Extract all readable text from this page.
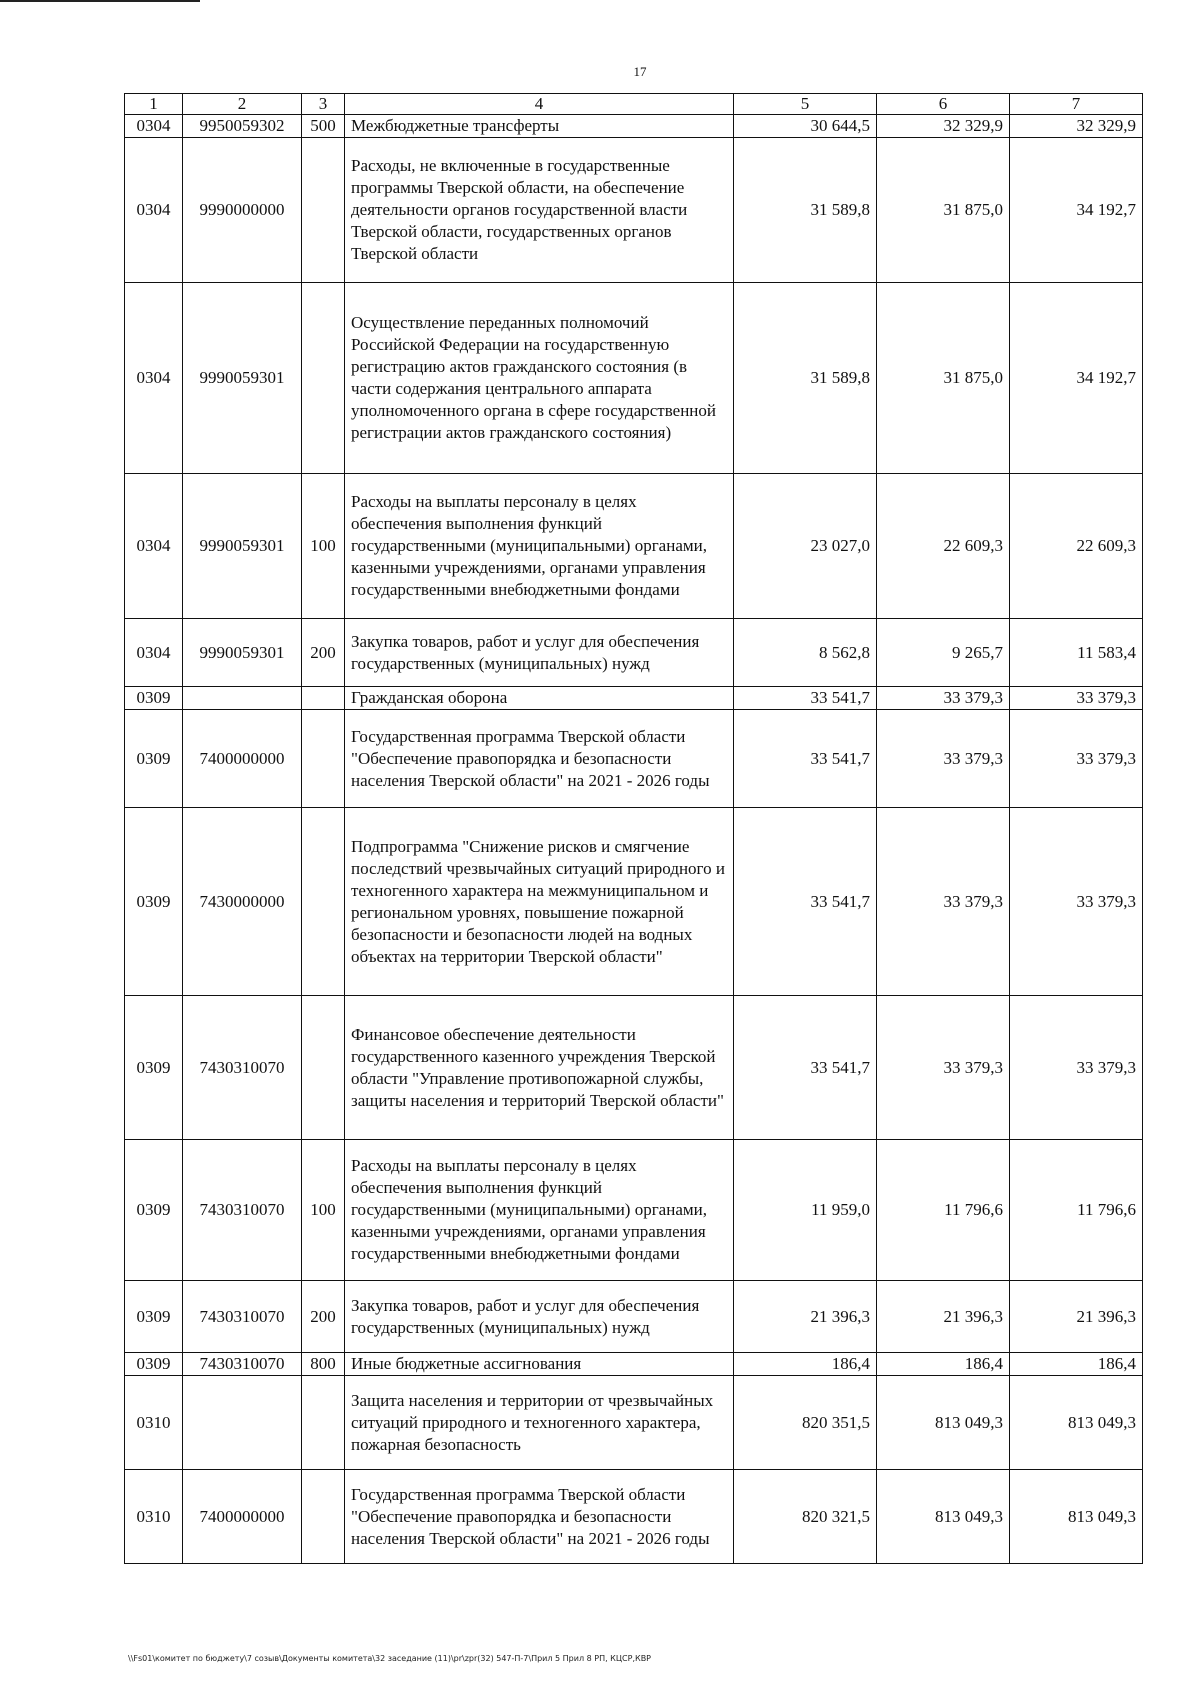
17
1	2	3	4	5	6	7
0304	9950059302	500	Межбюджетные трансферты	30 644,5	32 329,9	32 329,9
0304	9990000000		Расходы, не включенные в государственные программы Тверской области, на обеспечение деятельности органов государственной власти Тверской области, государственных органов Тверской области	31 589,8	31 875,0	34 192,7
0304	9990059301		Осуществление переданных полномочий Российской Федерации на государственную регистрацию актов гражданского состояния (в части содержания центрального аппарата уполномоченного органа в сфере государственной регистрации актов гражданского состояния)	31 589,8	31 875,0	34 192,7
0304	9990059301	100	Расходы на выплаты персоналу в целях обеспечения выполнения функций государственными (муниципальными) органами, казенными учреждениями, органами управления государственными внебюджетными фондами	23 027,0	22 609,3	22 609,3
0304	9990059301	200	Закупка товаров, работ и услуг для обеспечения государственных (муниципальных) нужд	8 562,8	9 265,7	11 583,4
0309			Гражданская оборона	33 541,7	33 379,3	33 379,3
0309	7400000000		Государственная программа Тверской области "Обеспечение правопорядка и безопасности населения Тверской области" на 2021 - 2026 годы	33 541,7	33 379,3	33 379,3
0309	7430000000		Подпрограмма "Снижение рисков и смягчение последствий чрезвычайных ситуаций природного и техногенного характера на межмуниципальном и региональном уровнях, повышение пожарной безопасности и безопасности людей на водных объектах на территории Тверской области"	33 541,7	33 379,3	33 379,3
0309	7430310070		Финансовое обеспечение деятельности государственного казенного учреждения Тверской области "Управление противопожарной службы, защиты населения и территорий Тверской области"	33 541,7	33 379,3	33 379,3
0309	7430310070	100	Расходы на выплаты персоналу в целях обеспечения выполнения функций государственными (муниципальными) органами, казенными учреждениями, органами управления государственными внебюджетными фондами	11 959,0	11 796,6	11 796,6
0309	7430310070	200	Закупка товаров, работ и услуг для обеспечения государственных (муниципальных) нужд	21 396,3	21 396,3	21 396,3
0309	7430310070	800	Иные бюджетные ассигнования	186,4	186,4	186,4
0310			Защита населения и территории от чрезвычайных ситуаций природного и техногенного характера, пожарная безопасность	820 351,5	813 049,3	813 049,3
0310	7400000000		Государственная программа Тверской области "Обеспечение правопорядка и безопасности населения Тверской области" на 2021 - 2026 годы	820 321,5	813 049,3	813 049,3
\\Fs01\комитет по бюджету\7 созыв\Документы комитета\32 заседание (11)\pr\zpr(32) 547-П-7\Прил 5 Прил 8 РП, КЦСР,КВР
